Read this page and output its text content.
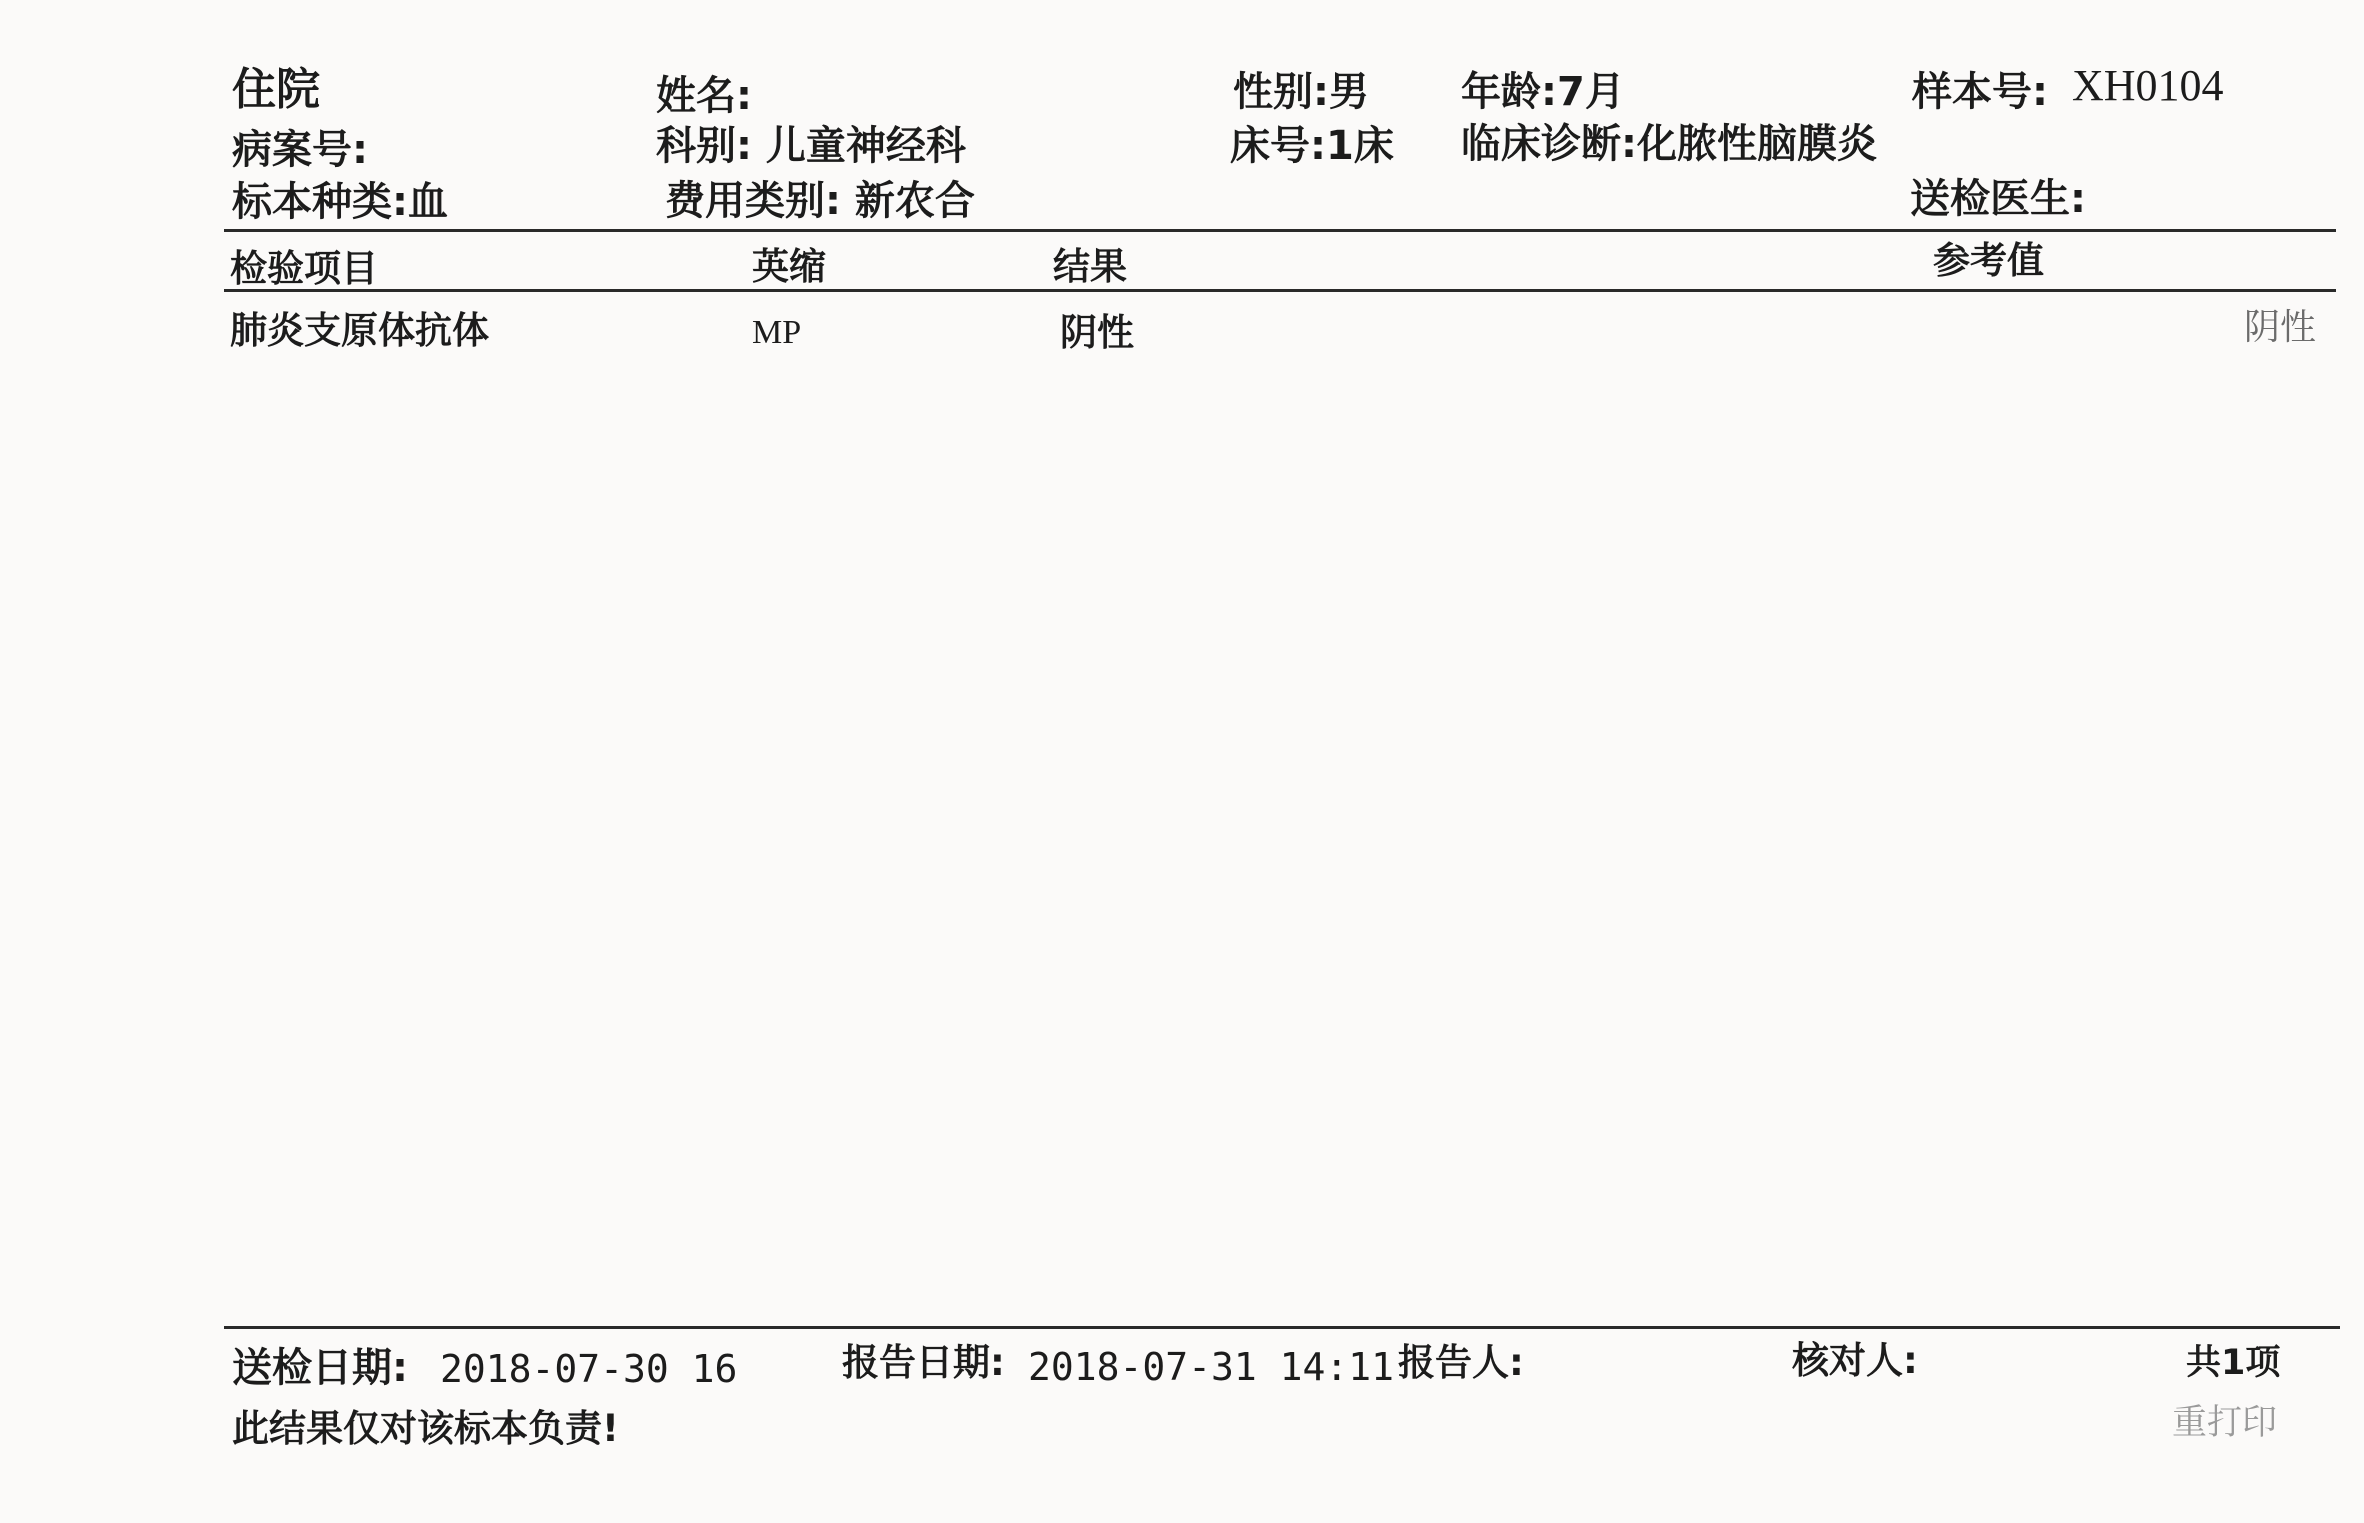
住院	姓名:	性别:男 年龄:7月	样本号: XH0104
病案号:	科别: 儿童神经科	床号:1床 临床诊断:化脓性脑膜炎
标本种类:血	费用类别: 新农合	送检医生:
检验项目	英缩	结果	参考值
肺炎支原体抗体	MP	阴性	阴性
送检日期: 2018-07-30 16	报告日期: 2018-07-31 14:11 报告人:	核对人:	共1项
此结果仅对该标本负责!	重打印
